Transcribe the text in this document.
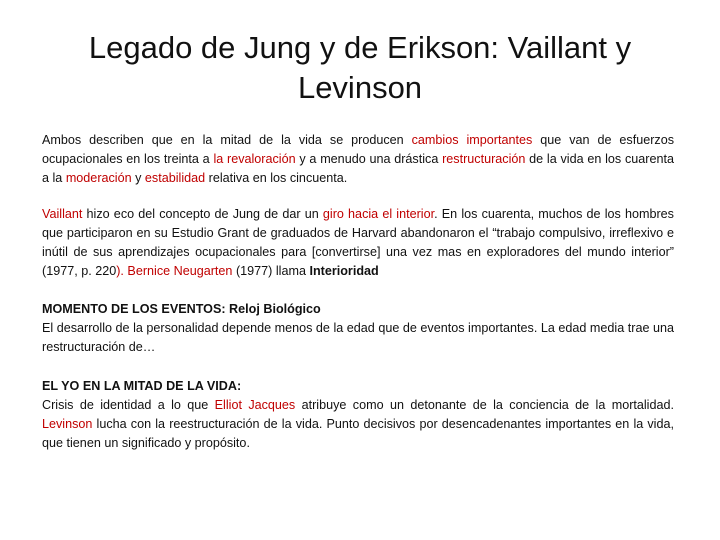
Legado de Jung y de Erikson: Vaillant y Levinson

Ambos describen que en la mitad de la vida se producen cambios importantes que van de esfuerzos ocupacionales en los treinta a la revaloración y a menudo una drástica restructuración de la vida en los cuarenta a la moderación y estabilidad relativa en los cincuenta.

Vaillant hizo eco del concepto de Jung de dar un giro hacia el interior. En los cuarenta, muchos de los hombres que participaron en su Estudio Grant de graduados de Harvard abandonaron el “trabajo compulsivo, irreflexivo e inútil de sus aprendizajes ocupacionales para [convertirse] una vez mas en exploradores del mundo interior” (1977, p. 220). Bernice Neugarten (1977) llama Interioridad

MOMENTO DE LOS EVENTOS: Reloj Biológico
El desarrollo de la personalidad depende menos de la edad que de eventos importantes. La edad media trae una restructuración de…

EL YO EN LA MITAD DE LA VIDA:
Crisis de identidad a lo que Elliot Jacques atribuye como un detonante de la conciencia de la mortalidad. Levinson lucha con la reestructuración de la vida. Punto decisivos por desencadenantes importantes en la vida, que tienen un significado y propósito.
